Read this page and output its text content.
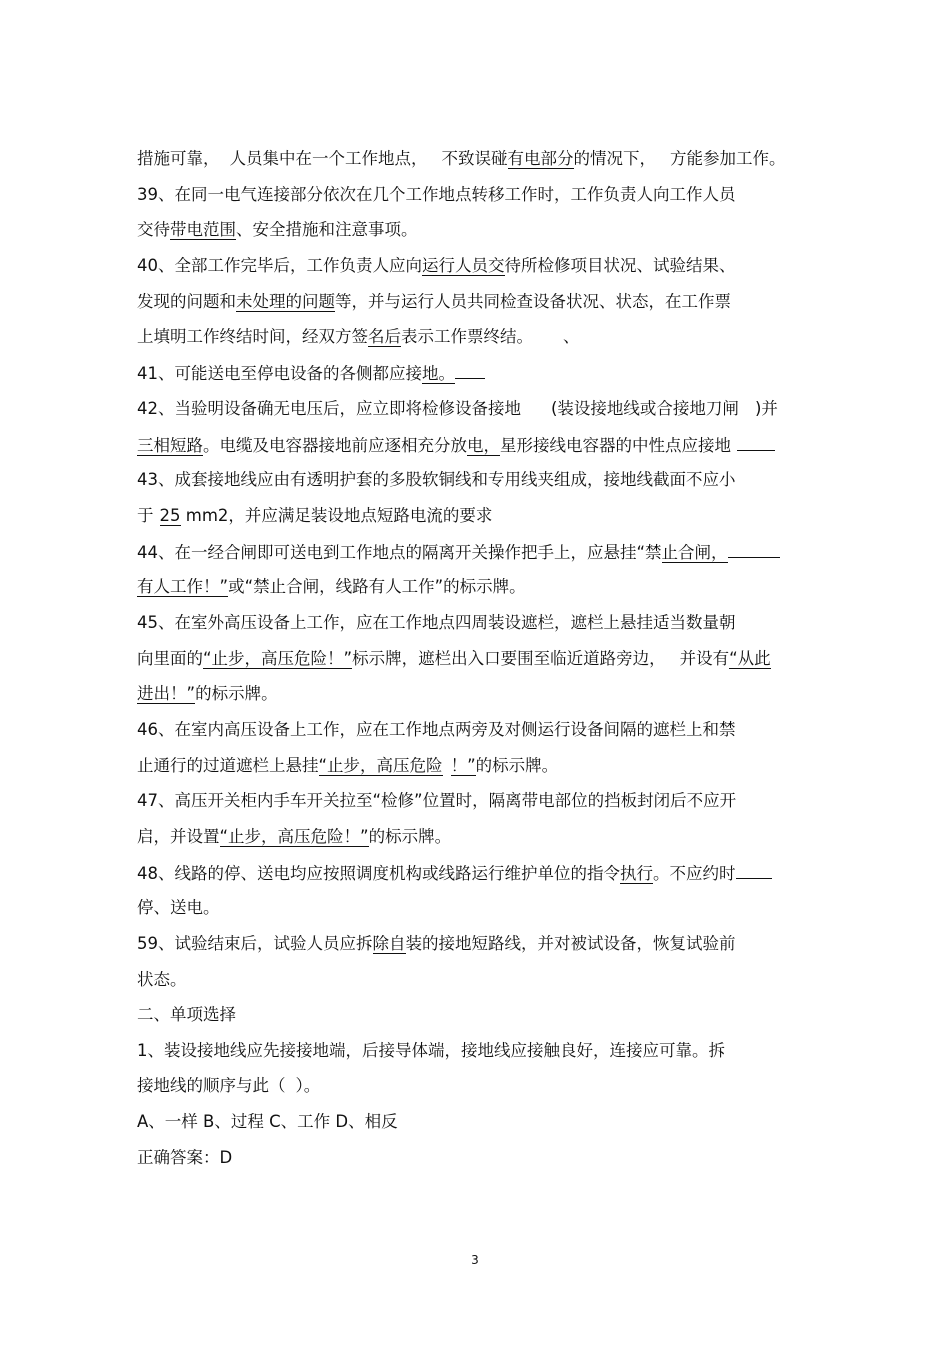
措施可靠， 人员集中在一个工作地点， 不致误碰有电部分的情况下， 方能参加工作。
39、在同一电气连接部分依次在几个工作地点转移工作时，工作负责人向工作人员
交待带电范围、安全措施和注意事项。
40、全部工作完毕后，工作负责人应向运行人员交待所检修项目状况、试验结果、
发现的问题和未处理的问题等，并与运行人员共同检查设备状况、状态，在工作票
上填明工作终结时间，经双方签名后表示工作票终结。 、
41、可能送电至停电设备的各侧都应接地。
42、当验明设备确无电压后，应立即将检修设备接地 (装设接地线或合接地刀闸 )并
三相短路。电缆及电容器接地前应逐相充分放电，星形接线电容器的中性点应接地
43、成套接地线应由有透明护套的多股软铜线和专用线夹组成，接地线截面不应小
于 25 mm2，并应满足装设地点短路电流的要求
44、在一经合闸即可送电到工作地点的隔离开关操作把手上，应悬挂“禁止合闸，
有人工作！”或“禁止合闸，线路有人工作”的标示牌。
45、在室外高压设备上工作，应在工作地点四周装设遮栏，遮栏上悬挂适当数量朝
向里面的“止步，高压危险！”标示牌，遮栏出入口要围至临近道路旁边， 并设有“从此
进出！”的标示牌。
46、在室内高压设备上工作，应在工作地点两旁及对侧运行设备间隔的遮栏上和禁
止通行的过道遮栏上悬挂“止步，高压危险 ！”的标示牌。
47、高压开关柜内手车开关拉至“检修”位置时，隔离带电部位的挡板封闭后不应开
启，并设置“止步，高压危险！”的标示牌。
48、线路的停、送电均应按照调度机构或线路运行维护单位的指令执行。不应约时
停、送电。
59、试验结束后，试验人员应拆除自装的接地短路线，并对被试设备，恢复试验前
状态。
二、单项选择
1、装设接地线应先接接地端，后接导体端，接地线应接触良好，连接应可靠。拆
接地线的顺序与此（ ）。
A、一样 B、过程 C、工作 D、相反
正确答案：D
3
